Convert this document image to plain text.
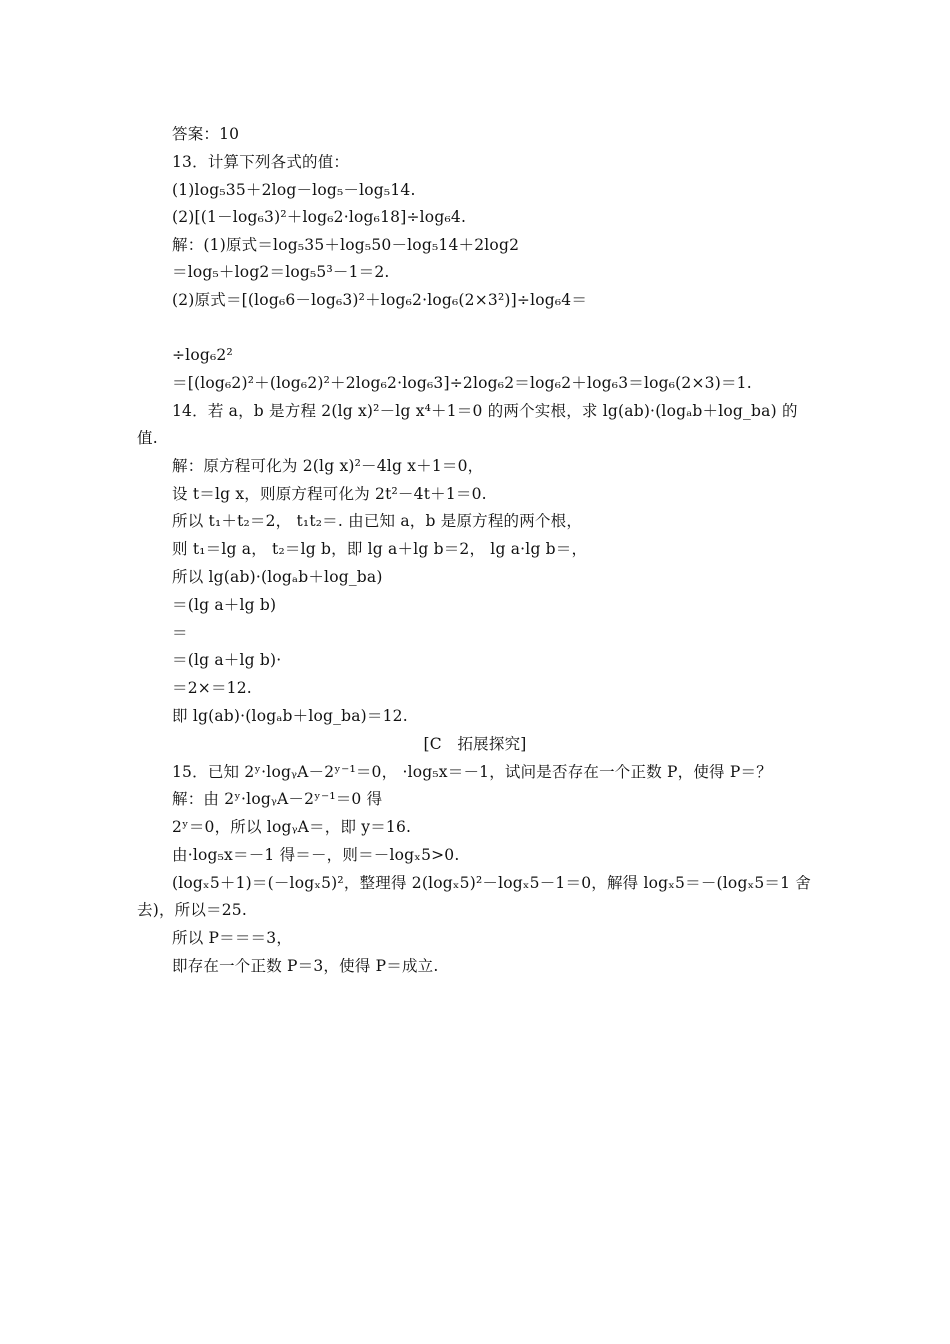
答案：10
13．计算下列各式的值：
(1)log₅35＋2log－log₅－log₅14.
(2)[(1－log₆3)²＋log₆2·log₆18]÷log₆4.
解：(1)原式＝log₅35＋log₅50－log₅14＋2log2
＝log₅＋log2＝log₅5³－1＝2.
(2)原式＝[(log₆6－log₆3)²＋log₆2·log₆(2×3²)]÷log₆4＝
÷log₆2²
＝[(log₆2)²＋(log₆2)²＋2log₆2·log₆3]÷2log₆2＝log₆2＋log₆3＝log₆(2×3)＝1.
14．若 a，b 是方程 2(lg x)²－lg x⁴＋1＝0 的两个实根，求 lg(ab)·(logₐb＋log_ba) 的
值.
解：原方程可化为 2(lg x)²－4lg x＋1＝0，
设 t＝lg x，则原方程可化为 2t²－4t＋1＝0.
所以 t₁＋t₂＝2， t₁t₂＝. 由已知 a，b 是原方程的两个根，
则 t₁＝lg a， t₂＝lg b，即 lg a＋lg b＝2， lg a·lg b＝，
所以 lg(ab)·(logₐb＋log_ba)
＝(lg a＋lg b)
＝
＝(lg a＋lg b)·
＝2×＝12.
即 lg(ab)·(logₐb＋log_ba)＝12.
[C　拓展探究]
15．已知 2ʸ·logᵧA－2ʸ⁻¹＝0， ·log₅x＝－1，试问是否存在一个正数 P，使得 P＝？
解：由 2ʸ·logᵧA－2ʸ⁻¹＝0 得
2ʸ＝0，所以 logᵧA＝，即 y＝16.
由·log₅x＝－1 得＝－，则＝－logₓ5>0.
(logₓ5＋1)＝(－logₓ5)²，整理得 2(logₓ5)²－logₓ5－1＝0，解得 logₓ5＝－(logₓ5＝1 舍
去)，所以＝25.
所以 P＝＝＝3，
即存在一个正数 P＝3，使得 P＝成立.
